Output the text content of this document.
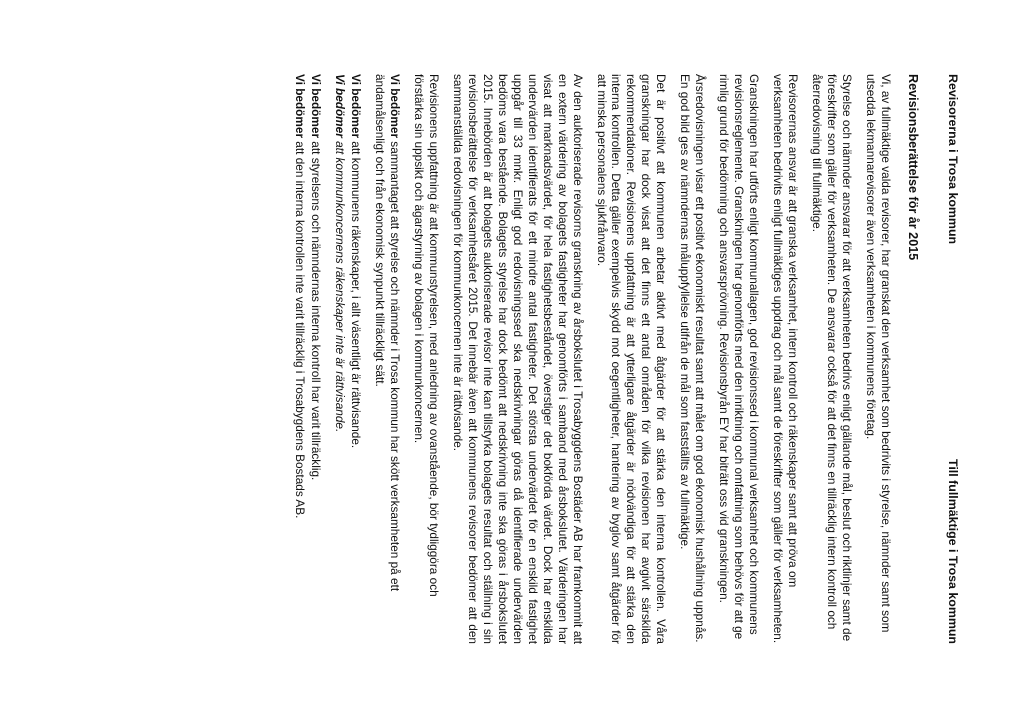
Revisorerna i Trosa kommun
Till fullmäktige i Trosa kommun
Revisionsberättelse för år 2015

Vi, av fullmäktige valda revisorer, har granskat den verksamhet som bedrivits i styrelse, nämnder samt som utsedda lekmannarevisorer även verksamheten i kommunens företag.

Styrelse och nämnder ansvarar för att verksamheten bedrivs enligt gällande mål, beslut och riktlinjer samt de föreskrifter som gäller för verksamheten. De ansvarar också för att det finns en tillräcklig intern kontroll och återredovisning till fullmäktige.

Revisorernas ansvar är att granska verksamhet, intern kontroll och räkenskaper samt att pröva om verksamheten bedrivits enligt fullmäktiges uppdrag och mål samt de föreskrifter som gäller för verksamheten.

Granskningen har utförts enligt kommunallagen, god revisionssed i kommunal verksamhet och kommunens revisionsreglemente. Granskningen har genomförts med den inriktning och omfattning som behövs för att ge rimlig grund för bedömning och ansvarsprövning. Revisionsbyrån EY har biträtt oss vid granskningen.

Årsredovisningen visar ett positivt ekonomiskt resultat samt att målet om god ekonomisk hushållning uppnås. En god bild ges av nämndernas måluppfyllelse utifrån de mål som fastställts av fullmäktige.

Det är positivt att kommunen arbetar aktivt med åtgärder för att stärka den interna kontrollen. Våra granskningar har dock visat att det finns ett antal områden för vilka revisionen har avgivit särskilda rekommendationer. Revisionens uppfattning är att ytterligare åtgärder är nödvändiga för att stärka den interna kontrollen. Detta gäller exempelvis skydd mot oegentligheter, hantering av byglov samt åtgärder för att minska personalens sjukfrånvaro.

Av den auktoriserade revisorns granskning av årsbokslutet i Trosabyggdens Bostäder AB har framkommit att en extern värdering av bolagets fastigheter har genomförts i samband med årsbokslutet. Värderingen har visat att marknadsvärdet, för hela fastighetsbeståndet, överstiger det bokförda värdet. Dock har enskilda undervärden identifierats för ett mindre antal fastigheter. Det största undervärdet för en enskild fastighet uppgår till 33 mnkr. Enligt god redovisningssed ska nedskrivningar göras då identifierade undervärden bedöms vara bestående. Bolagets styrelse har dock bedömt att nedskrivning inte ska göras i årsbokslutet 2015. Innebörden är att bolagets auktoriserade revisor inte kan tillstyrka bolagets resultat och ställning i sin revisionsberättelse för verksamhetsåret 2015. Det innebär även att kommunens revisorer bedömer att den sammanställda redovisningen för kommunkoncernen inte är rättvisande.

Revisionens uppfattning är att kommunstyrelsen, med anledning av ovanstående, bör tydliggöra och förstärka sin uppsikt och ägarstyrning av bolagen i kommunkoncernen.

Vi bedömer sammantaget att styrelse och nämnder i Trosa kommun har skött verksamheten på ett ändamålsenligt och från ekonomisk synpunkt tillräckligt sätt.

Vi bedömer att kommunens räkenskaper, i allt väsentligt är rättvisande.

Vi bedömer att kommunkoncernens räkenskaper inte är rättvisande.

Vi bedömer att styrelsens och nämndernas interna kontroll har varit tillräcklig.

Vi bedömer att den interna kontrollen inte varit tillräcklig i Trosabygdens Bostads AB.
